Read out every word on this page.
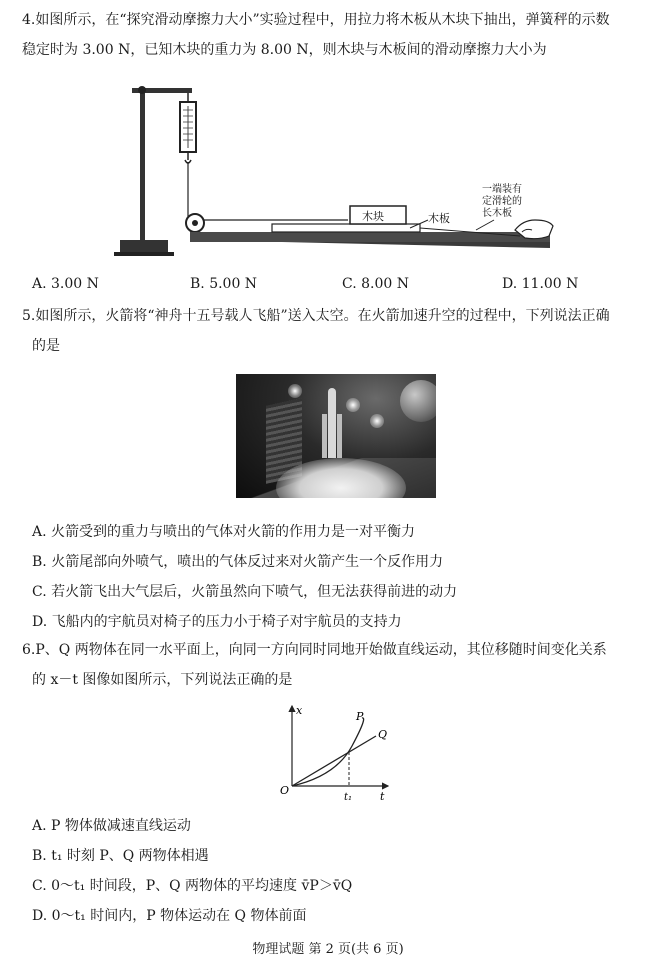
4.如图所示，在“探究滑动摩擦力大小”实验过程中，用拉力将木板从木块下抽出，弹簧秤的示数
稳定时为 3.00 N，已知木块的重力为 8.00 N，则木块与木板间的滑动摩擦力大小为
木块	木板
一端装有
定滑轮的
长木板
A. 3.00 N	B. 5.00 N	C. 8.00 N	D. 11.00 N
5.如图所示，火箭将“神舟十五号载人飞船”送入太空。在火箭加速升空的过程中，下列说法正确
的是
A. 火箭受到的重力与喷出的气体对火箭的作用力是一对平衡力
B. 火箭尾部向外喷气，喷出的气体反过来对火箭产生一个反作用力
C. 若火箭飞出大气层后，火箭虽然向下喷气，但无法获得前进的动力
D. 飞船内的宇航员对椅子的压力小于椅子对宇航员的支持力
6.P、Q 两物体在同一水平面上，向同一方向同时同地开始做直线运动，其位移随时间变化关系
的 x－t 图像如图所示，下列说法正确的是
x
t
O
Q
P
t₁
A. P 物体做减速直线运动
B. t₁ 时刻 P、Q 两物体相遇
C. 0～t₁ 时间段，P、Q 两物体的平均速度 v̄P＞v̄Q
D. 0～t₁ 时间内，P 物体运动在 Q 物体前面
物理试题 第 2 页(共 6 页)
